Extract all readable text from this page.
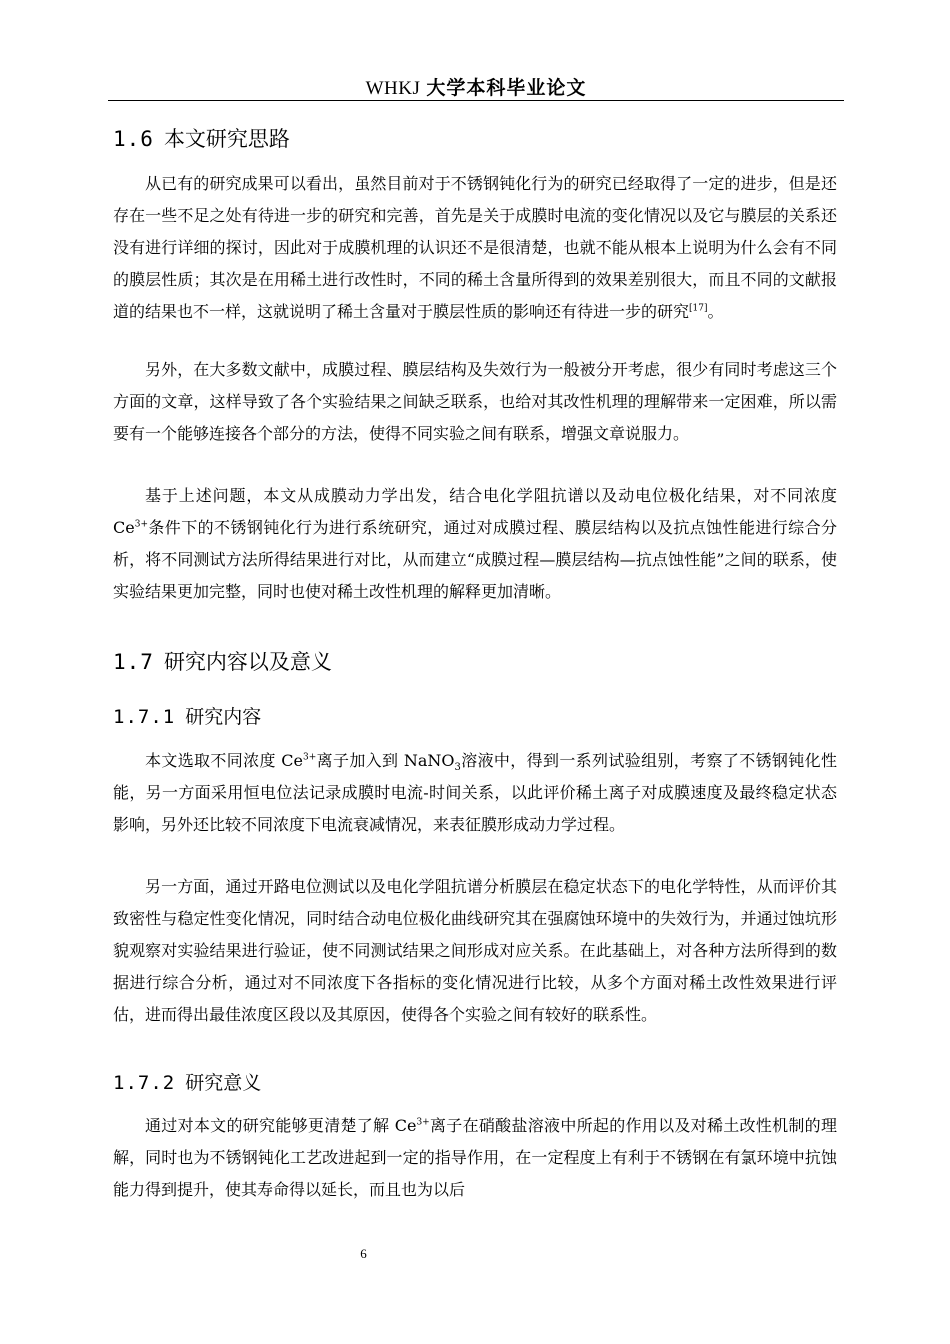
WHKJ 大学本科毕业论文
1.6 本文研究思路
从已有的研究成果可以看出，虽然目前对于不锈钢钝化行为的研究已经取得了一定的进步，但是还存在一些不足之处有待进一步的研究和完善，首先是关于成膜时电流的变化情况以及它与膜层的关系还没有进行详细的探讨，因此对于成膜机理的认识还不是很清楚，也就不能从根本上说明为什么会有不同的膜层性质；其次是在用稀土进行改性时，不同的稀土含量所得到的效果差别很大，而且不同的文献报道的结果也不一样，这就说明了稀土含量对于膜层性质的影响还有待进一步的研究[17]。
另外，在大多数文献中，成膜过程、膜层结构及失效行为一般被分开考虑，很少有同时考虑这三个方面的文章，这样导致了各个实验结果之间缺乏联系，也给对其改性机理的理解带来一定困难，所以需要有一个能够连接各个部分的方法，使得不同实验之间有联系，增强文章说服力。
基于上述问题，本文从成膜动力学出发，结合电化学阻抗谱以及动电位极化结果，对不同浓度 $Ce^{3+}$条件下的不锈钢钝化行为进行系统研究，通过对成膜过程、膜层结构以及抗点蚀性能进行综合分析，将不同测试方法所得结果进行对比，从而建立“成膜过程—膜层结构—抗点蚀性能”之间的联系，使实验结果更加完整，同时也使对稀土改性机理的解释更加清晰。
1.7 研究内容以及意义
1.7.1 研究内容
本文选取不同浓度 $Ce^{3+}$离子加入到 NaNO$_3$溶液中，得到一系列试验组别，考察了不锈钢钝化性能，另一方面采用恒电位法记录成膜时电流-时间关系，以此评价稀土离子对成膜速度及最终稳定状态影响，另外还比较不同浓度下电流衰减情况，来表征膜形成动力学过程。
另一方面，通过开路电位测试以及电化学阻抗谱分析膜层在稳定状态下的电化学特性，从而评价其致密性与稳定性变化情况，同时结合动电位极化曲线研究其在强腐蚀环境中的失效行为，并通过蚀坑形貌观察对实验结果进行验证，使不同测试结果之间形成对应关系。在此基础上，对各种方法所得到的数据进行综合分析，通过对不同浓度下各指标的变化情况进行比较，从多个方面对稀土改性效果进行评估，进而得出最佳浓度区段以及其原因，使得各个实验之间有较好的联系性。
1.7.2 研究意义
通过对本文的研究能够更清楚了解 $Ce^{3+}$离子在硝酸盐溶液中所起的作用以及对稀土改性机制的理解，同时也为不锈钢钝化工艺改进起到一定的指导作用，在一定程度上有利于不锈钢在有氯环境中抗蚀能力得到提升，使其寿命得以延长，而且也为以后
6
